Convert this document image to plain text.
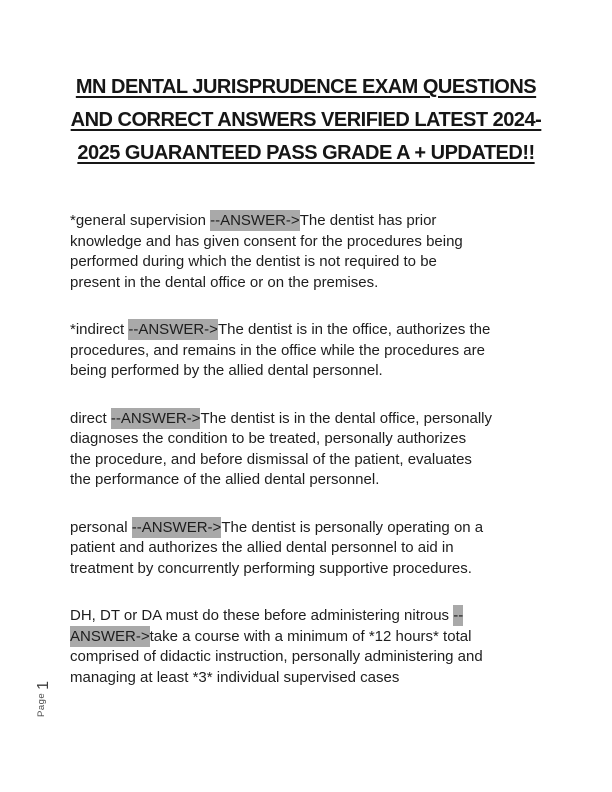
MN DENTAL JURISPRUDENCE EXAM QUESTIONS
AND CORRECT ANSWERS VERIFIED LATEST 2024-
2025 GUARANTEED PASS GRADE A + UPDATED!!
*general supervision --ANSWER->The dentist has prior
knowledge and has given consent for the procedures being
performed during which the dentist is not required to be
present in the dental office or on the premises.
*indirect --ANSWER->The dentist is in the office, authorizes the
procedures, and remains in the office while the procedures are
being performed by the allied dental personnel.
direct --ANSWER->The dentist is in the dental office, personally
diagnoses the condition to be treated, personally authorizes
the procedure, and before dismissal of the patient, evaluates
the performance of the allied dental personnel.
personal --ANSWER->The dentist is personally operating on a
patient and authorizes the allied dental personnel to aid in
treatment by concurrently performing supportive procedures.
DH, DT or DA must do these before administering nitrous --
ANSWER->take a course with a minimum of *12 hours* total
comprised of didactic instruction, personally administering and
managing at least *3* individual supervised cases
Page1
